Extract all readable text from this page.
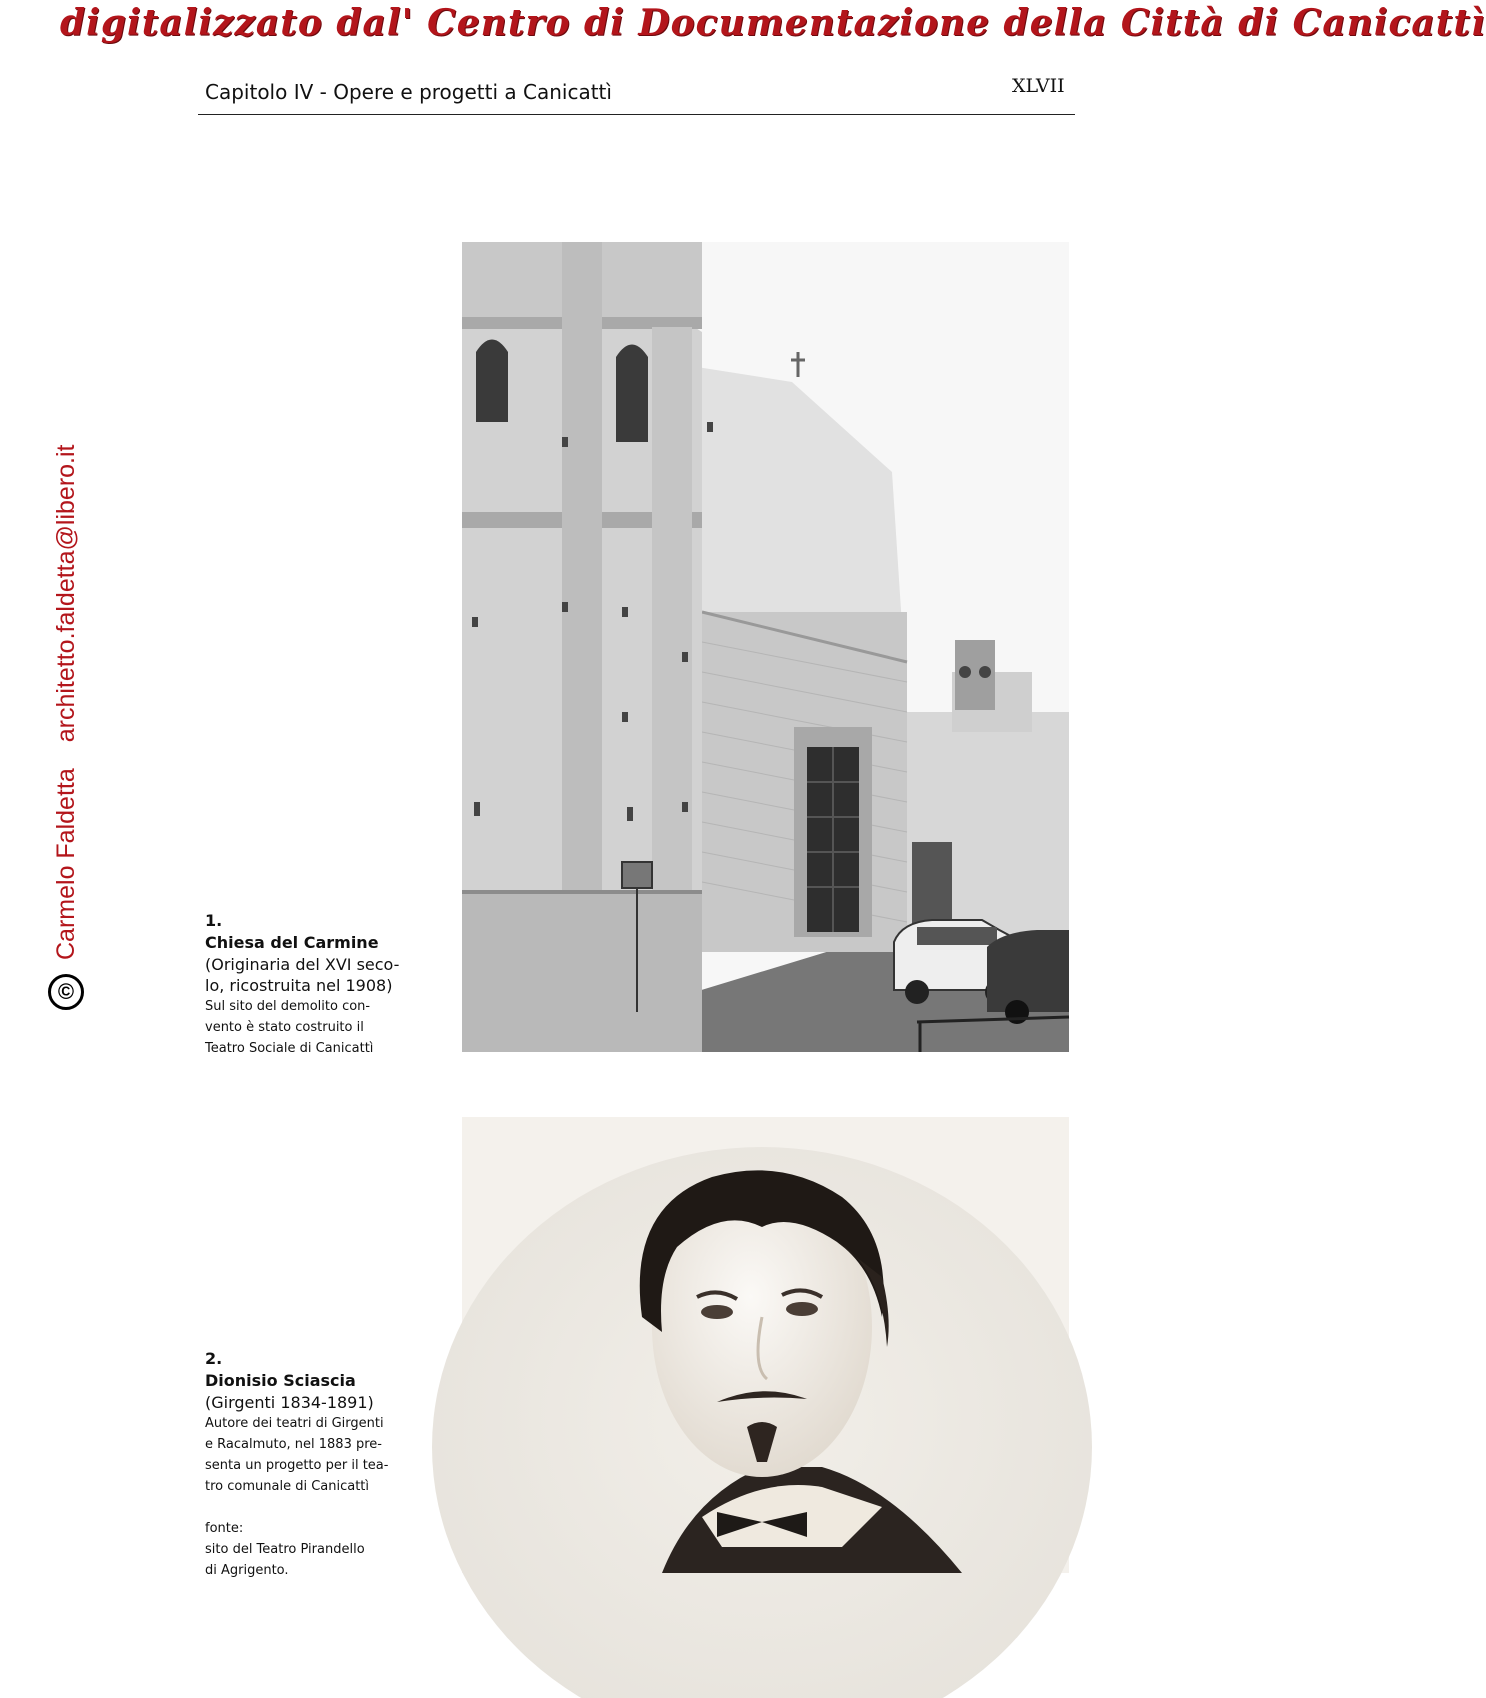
digitalizzato dal' Centro di Documentazione della Città di Canicattì
Capitolo IV - Opere e progetti a Canicattì	XLVII
©
Carmelo Faldetta
architetto.faldetta@libero.it
1.
Chiesa del Carmine
(Originaria del XVI seco-
lo, ricostruita nel 1908)
Sul sito del demolito con-
vento è stato costruito il
Teatro Sociale di Canicattì
2.
Dionisio Sciascia
(Girgenti 1834-1891)
Autore dei teatri di Girgenti
e Racalmuto, nel 1883 pre-
senta un progetto per il tea-
tro comunale di Canicattì
fonte:
sito del Teatro Pirandello
di Agrigento.
